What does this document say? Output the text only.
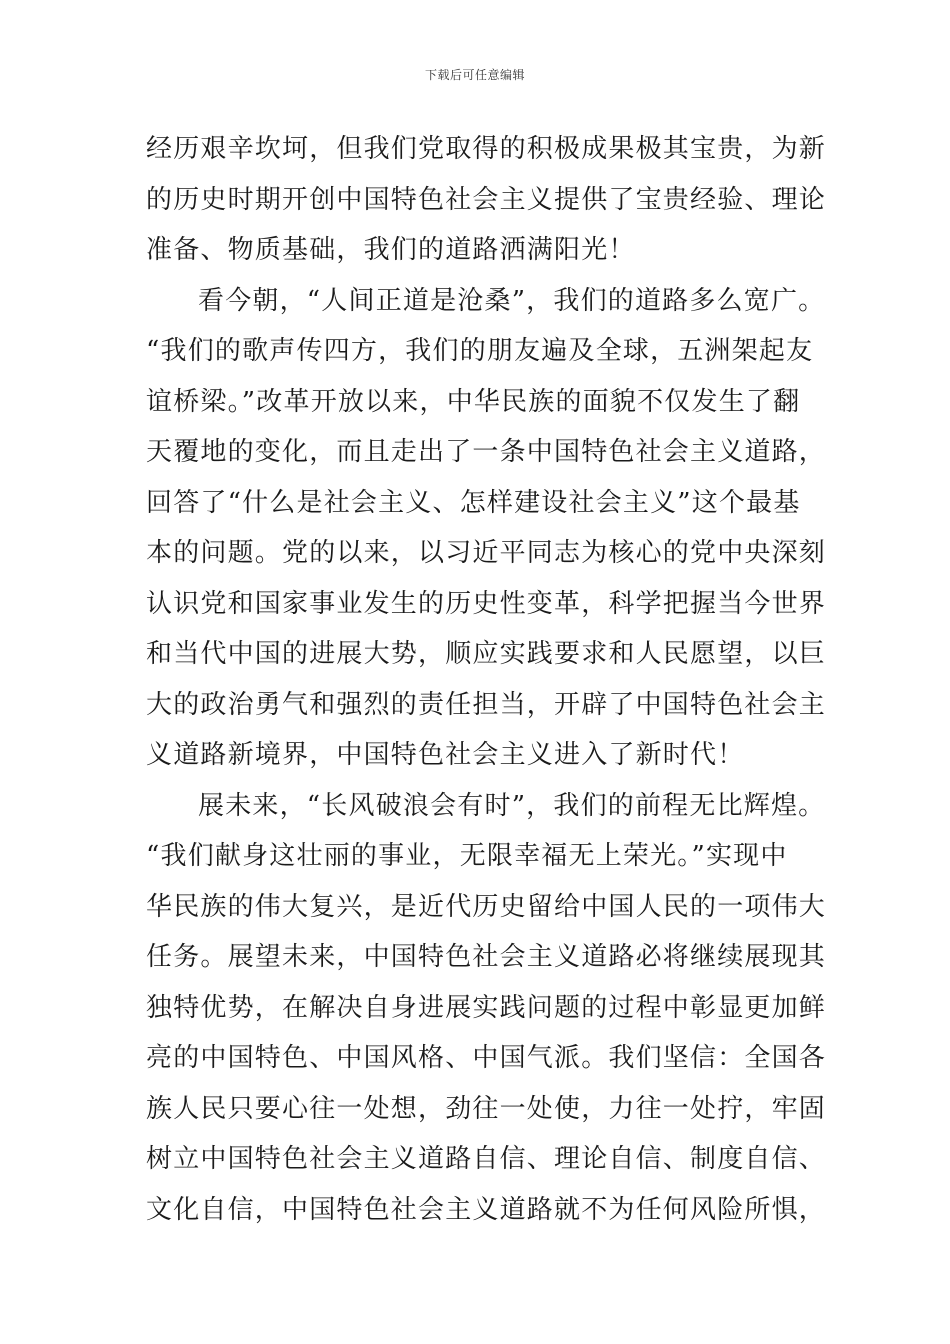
下载后可任意编辑
经历艰辛坎坷，但我们党取得的积极成果极其宝贵，为新
的历史时期开创中国特色社会主义提供了宝贵经验、理论
准备、物质基础，我们的道路洒满阳光！
看今朝，“人间正道是沧桑”，我们的道路多么宽广。
“我们的歌声传四方，我们的朋友遍及全球，五洲架起友
谊桥梁。”改革开放以来，中华民族的面貌不仅发生了翻
天覆地的变化，而且走出了一条中国特色社会主义道路，
回答了“什么是社会主义、怎样建设社会主义”这个最基
本的问题。党的以来，以习近平同志为核心的党中央深刻
认识党和国家事业发生的历史性变革，科学把握当今世界
和当代中国的进展大势，顺应实践要求和人民愿望，以巨
大的政治勇气和强烈的责任担当，开辟了中国特色社会主
义道路新境界，中国特色社会主义进入了新时代！
展未来，“长风破浪会有时”，我们的前程无比辉煌。
“我们献身这壮丽的事业，无限幸福无上荣光。”实现中
华民族的伟大复兴，是近代历史留给中国人民的一项伟大
任务。展望未来，中国特色社会主义道路必将继续展现其
独特优势，在解决自身进展实践问题的过程中彰显更加鲜
亮的中国特色、中国风格、中国气派。我们坚信：全国各
族人民只要心往一处想，劲往一处使，力往一处拧，牢固
树立中国特色社会主义道路自信、理论自信、制度自信、
文化自信，中国特色社会主义道路就不为任何风险所惧，
